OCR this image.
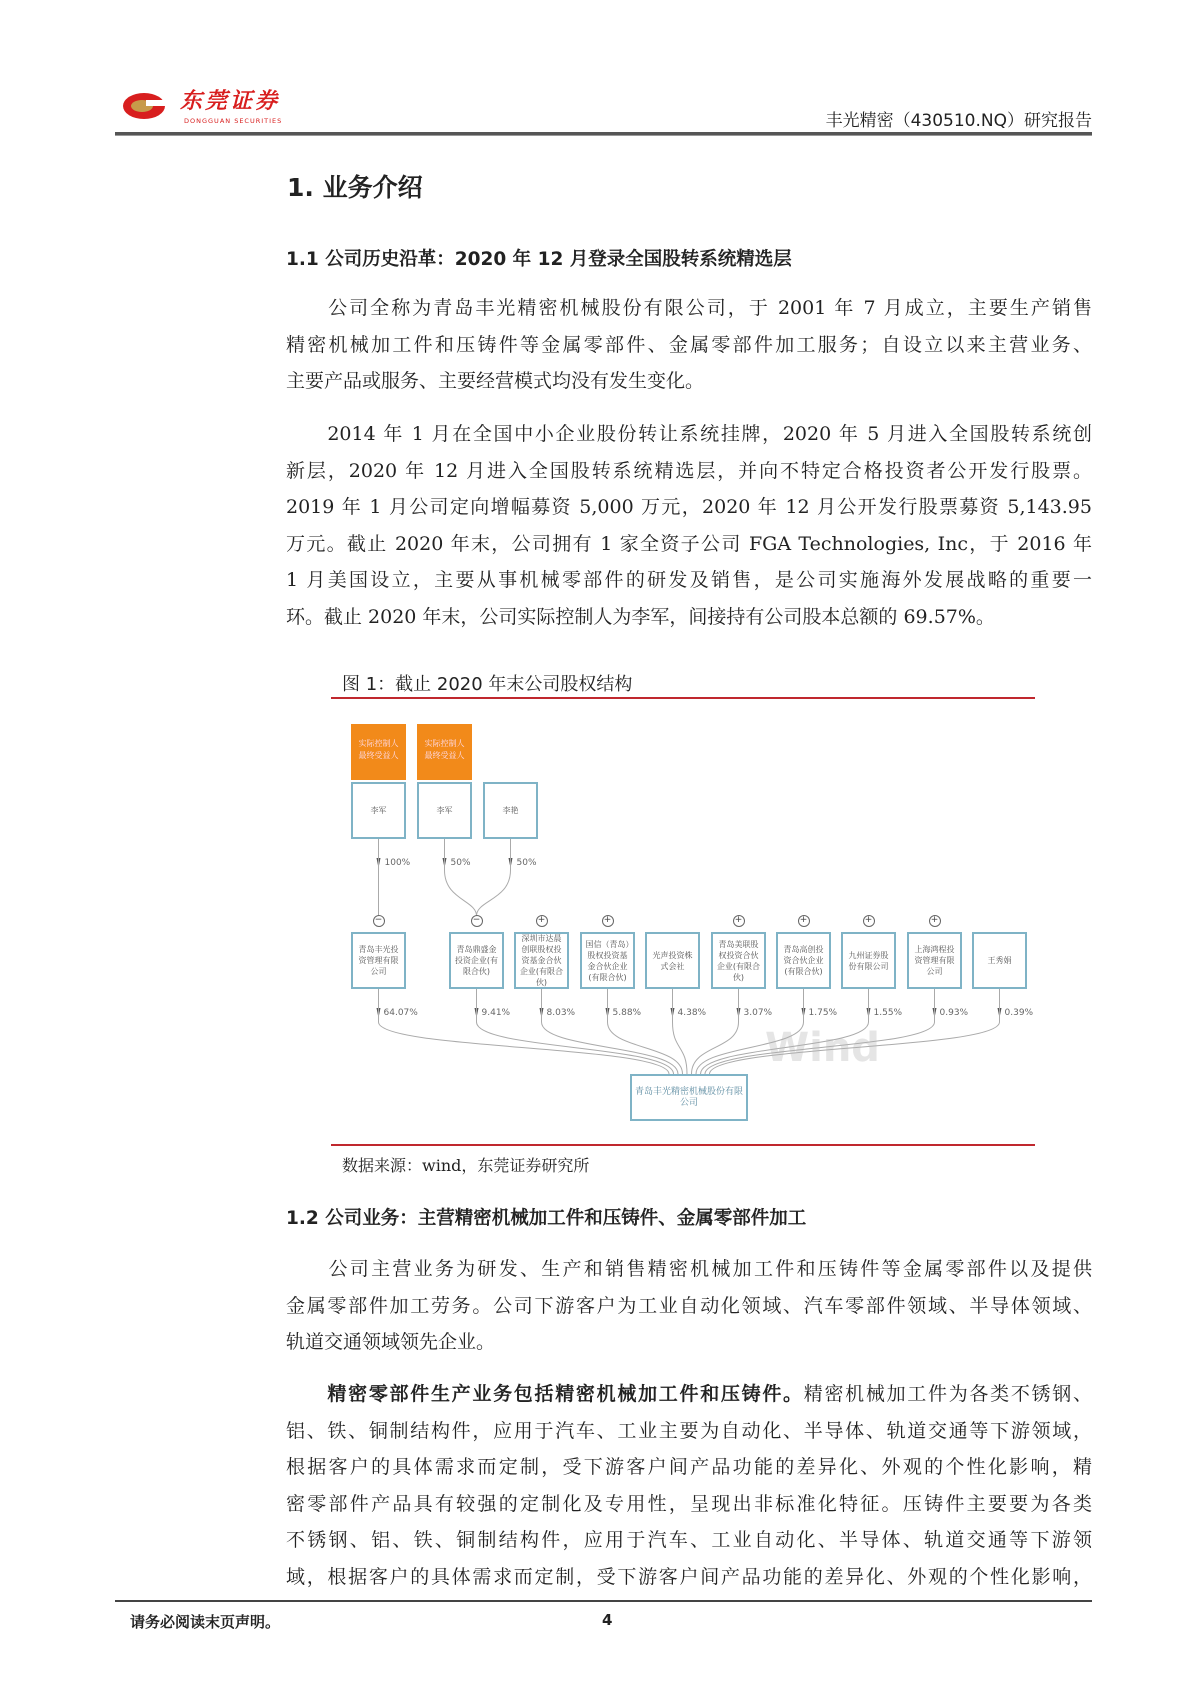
东莞证券
DONGGUAN SECURITIES	丰光精密（430510.NQ）研究报告
1. 业务介绍
1.1 公司历史沿革：2020 年 12 月登录全国股转系统精选层
　　公司全称为青岛丰光精密机械股份有限公司，于 2001 年 7 月成立，主要生产销售
精密机械加工件和压铸件等金属零部件、金属零部件加工服务；自设立以来主营业务、
主要产品或服务、主要经营模式均没有发生变化。
　　2014 年 1 月在全国中小企业股份转让系统挂牌，2020 年 5 月进入全国股转系统创
新层，2020 年 12 月进入全国股转系统精选层，并向不特定合格投资者公开发行股票。
2019 年 1 月公司定向增幅募资 5,000 万元，2020 年 12 月公开发行股票募资 5,143.95
万元。截止 2020 年末，公司拥有 1 家全资子公司 FGA Technologies, Inc，于 2016 年
1 月美国设立，主要从事机械零部件的研发及销售，是公司实施海外发展战略的重要一
环。截止 2020 年末，公司实际控制人为李军，间接持有公司股本总额的 69.57%。
图 1：截止 2020 年末公司股权结构
Wind
实际控制人
最终受益人
李军
100%
实际控制人
最终受益人
李军
50%
李艳
50%
−
青岛丰光投资管理有限公司
64.07%
−
青岛鼎盛金投资企业(有限合伙)
9.41%
+
深圳市达晨创联股权投资基金合伙企业(有限合伙)
8.03%
+
国信（青岛）股权投资基金合伙企业(有限合伙)
5.88%
光声投资株式会社
4.38%
+
青岛美联股权投资合伙企业(有限合伙)
3.07%
+
青岛高创投资合伙企业(有限合伙)
1.75%
+
九州证券股份有限公司
1.55%
+
上海鸿程投资管理有限公司
0.93%
王秀娟
0.39%
青岛丰光精密机械股份有限公司
数据来源：wind，东莞证券研究所
1.2 公司业务：主营精密机械加工件和压铸件、金属零部件加工
　　公司主营业务为研发、生产和销售精密机械加工件和压铸件等金属零部件以及提供
金属零部件加工劳务。公司下游客户为工业自动化领域、汽车零部件领域、半导体领域、
轨道交通领域领先企业。
　　精密零部件生产业务包括精密机械加工件和压铸件。精密机械加工件为各类不锈钢、
铝、铁、铜制结构件，应用于汽车、工业主要为自动化、半导体、轨道交通等下游领域，
根据客户的具体需求而定制，受下游客户间产品功能的差异化、外观的个性化影响，精
密零部件产品具有较强的定制化及专用性，呈现出非标准化特征。压铸件主要要为各类
不锈钢、铝、铁、铜制结构件，应用于汽车、工业自动化、半导体、轨道交通等下游领
域，根据客户的具体需求而定制，受下游客户间产品功能的差异化、外观的个性化影响，
请务必阅读末页声明。	4
